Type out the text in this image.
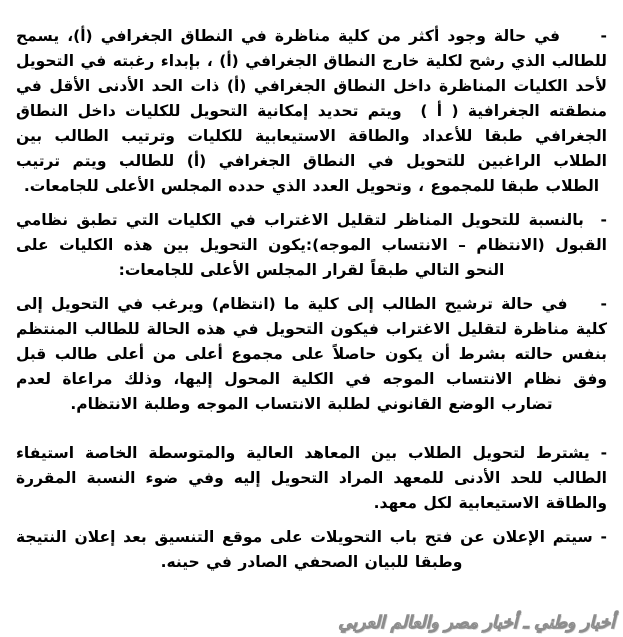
-     في حالة وجود أكثر من كلية مناظرة في النطاق الجغرافي (أ)، يسمح للطالب الذي رشح لكلية خارج النطاق الجغرافي (أ) ، بإبداء رغبته في التحويل لأحد الكليات المناظرة داخل النطاق الجغرافي (أ) ذات الحد الأدنى الأقل في منطقته الجغرافية ( أ )  ويتم تحديد إمكانية التحويل للكليات داخل النطاق الجغرافي طبقا للأعداد والطاقة الاستيعابية للكليات وترتيب الطالب بين الطلاب الراغبين للتحويل في النطاق الجغرافي (أ) للطالب ويتم ترتيب الطلاب طبقا للمجموع ، وتحويل العدد الذي حدده المجلس الأعلى للجامعات.

-  بالنسبة للتحويل المناظر لتقليل الاغتراب في الكليات التي تطبق نظامي القبول (الانتظام – الانتساب الموجه):يكون التحويل بين هذه الكليات على النحو التالي طبقاً لقرار المجلس الأعلى للجامعات:

-    في حالة ترشيح الطالب إلى كلية ما (انتظام) ويرغب في التحويل إلى كلية مناظرة لتقليل الاغتراب فيكون التحويل في هذه الحالة للطالب المنتظم بنفس حالته بشرط أن يكون حاصلاً على مجموع أعلى من أعلى طالب قبل وفق نظام الانتساب الموجه في الكلية المحول إليها، وذلك مراعاة لعدم تضارب الوضع القانوني لطلبة الانتساب الموجه وطلبة الانتظام.

- يشترط لتحويل الطلاب بين المعاهد العالية والمتوسطة الخاصة استيفاء الطالب للحد الأدنى للمعهد المراد التحويل إليه وفي ضوء النسبة المقررة والطاقة الاستيعابية لكل معهد.

- سيتم الإعلان عن فتح باب التحويلات على موقع التنسيق بعد إعلان النتيجة وطبقا للبيان الصحفي الصادر في حينه.

أخبار وطني ـ أخبار مصر والعالم العربي
